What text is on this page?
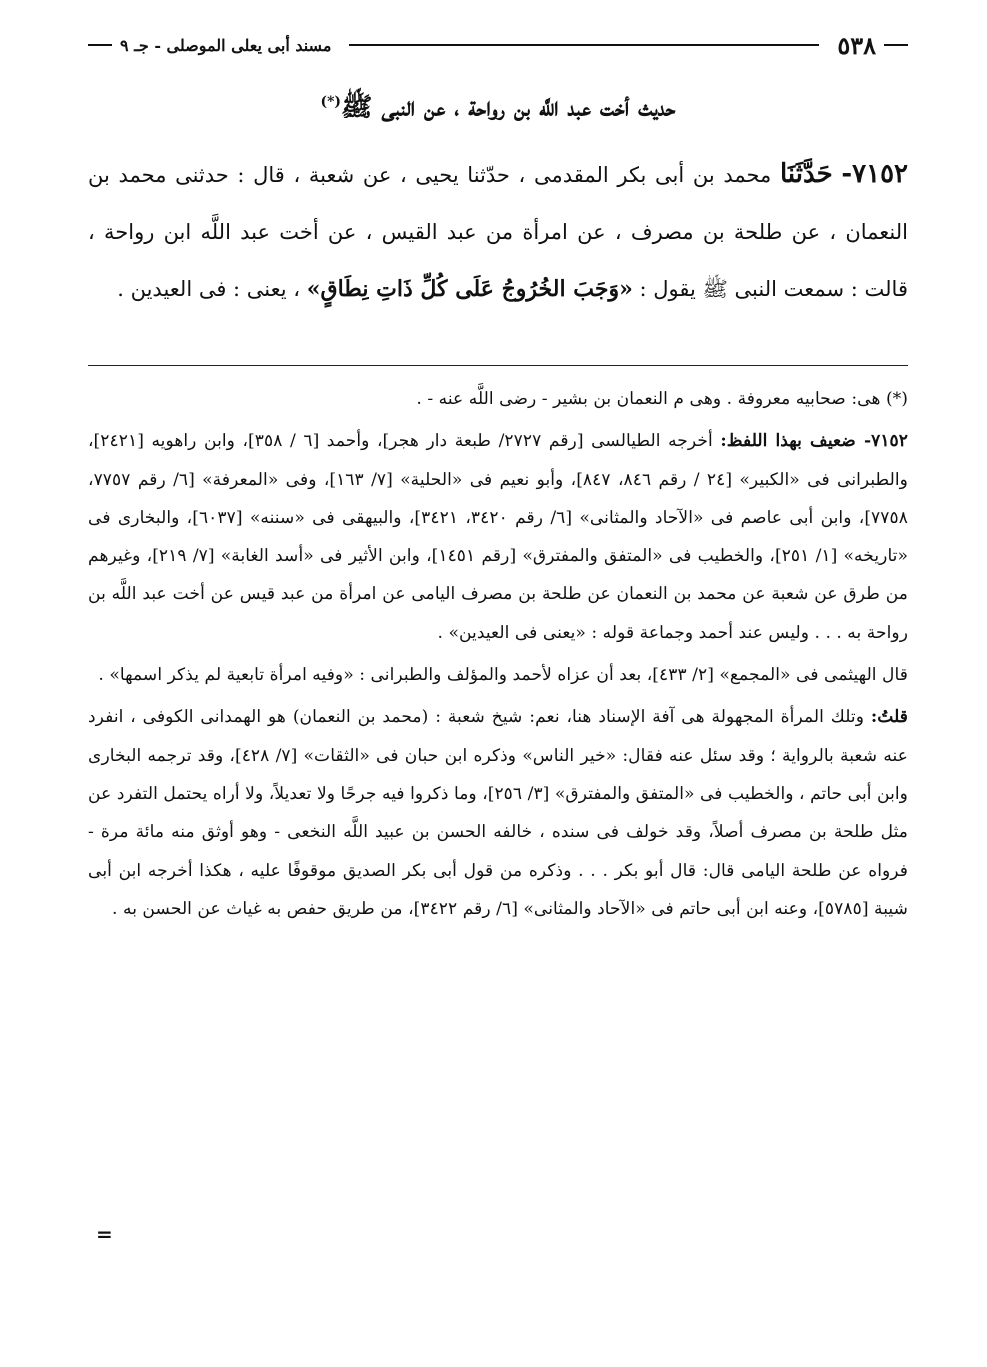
٥٣٨
مسند أبى يعلى الموصلى - جـ ٩
حديث أخت عبد اللَّه بن رواحة ، عن النبى ﷺ(*)
٧١٥٢- حَدَّثَنَا محمد بن أبى بكر المقدمى ، حدّثنا يحيى ، عن شعبة ، قال : حدثنى محمد بن النعمان ، عن طلحة بن مصرف ، عن امرأة من عبد القيس ، عن أخت عبد اللَّه ابن رواحة ، قالت : سمعت النبى ﷺ يقول : «وَجَبَ الخُرُوجُ عَلَى كُلِّ ذَاتِ نِطَاقٍ» ، يعنى : فى العيدين .

(*) هى: صحابيه معروفة . وهى م النعمان بن بشير - رضى اللَّه عنه - .

٧١٥٢- ضعيف بهذا اللفظ: أخرجه الطيالسى [رقم ٢٧٢٧/ طبعة دار هجر]، وأحمد [٦ / ٣٥٨]، وابن راهويه [٢٤٢١]، والطبرانى فى «الكبير» [٢٤ / رقم ٨٤٦، ٨٤٧]، وأبو نعيم فى «الحلية» [٧/ ١٦٣]، وفى «المعرفة» [٦/ رقم ٧٧٥٧، ٧٧٥٨]، وابن أبى عاصم فى «الآحاد والمثانى» [٦/ رقم ٣٤٢٠، ٣٤٢١]، والبيهقى فى «سننه» [٦٠٣٧]، والبخارى فى «تاريخه» [١/ ٢٥١]، والخطيب فى «المتفق والمفترق» [رقم ١٤٥١]، وابن الأثير فى «أسد الغابة» [٧/ ٢١٩]، وغيرهم من طرق عن شعبة عن محمد بن النعمان عن طلحة بن مصرف اليامى عن امرأة من عبد قيس عن أخت عبد اللَّه بن رواحة به . . . وليس عند أحمد وجماعة قوله : «يعنى فى العيدين» .

قال الهيثمى فى «المجمع» [٢/ ٤٣٣]، بعد أن عزاه لأحمد والمؤلف والطبرانى : «وفيه امرأة تابعية لم يذكر اسمها» .

قلتُ: وتلك المرأة المجهولة هى آفة الإسناد هنا، نعم: شيخ شعبة : (محمد بن النعمان) هو الهمدانى الكوفى ، انفرد عنه شعبة بالرواية ؛ وقد سئل عنه فقال: «خير الناس» وذكره ابن حبان فى «الثقات» [٧/ ٤٢٨]، وقد ترجمه البخارى وابن أبى حاتم ، والخطيب فى «المتفق والمفترق» [٣/ ٢٥٦]، وما ذكروا فيه جرحًا ولا تعديلاً، ولا أراه يحتمل التفرد عن مثل طلحة بن مصرف أصلاً، وقد خولف فى سنده ، خالفه الحسن بن عبيد اللَّه النخعى - وهو أوثق منه مائة مرة - فرواه عن طلحة اليامى قال: قال أبو بكر . . . وذكره من قول أبى بكر الصديق موقوفًا عليه ، هكذا أخرجه ابن أبى شيبة [٥٧٨٥]، وعنه ابن أبى حاتم فى «الآحاد والمثانى» [٦/ رقم ٣٤٢٢]، من طريق حفص به غياث عن الحسن به .

=
